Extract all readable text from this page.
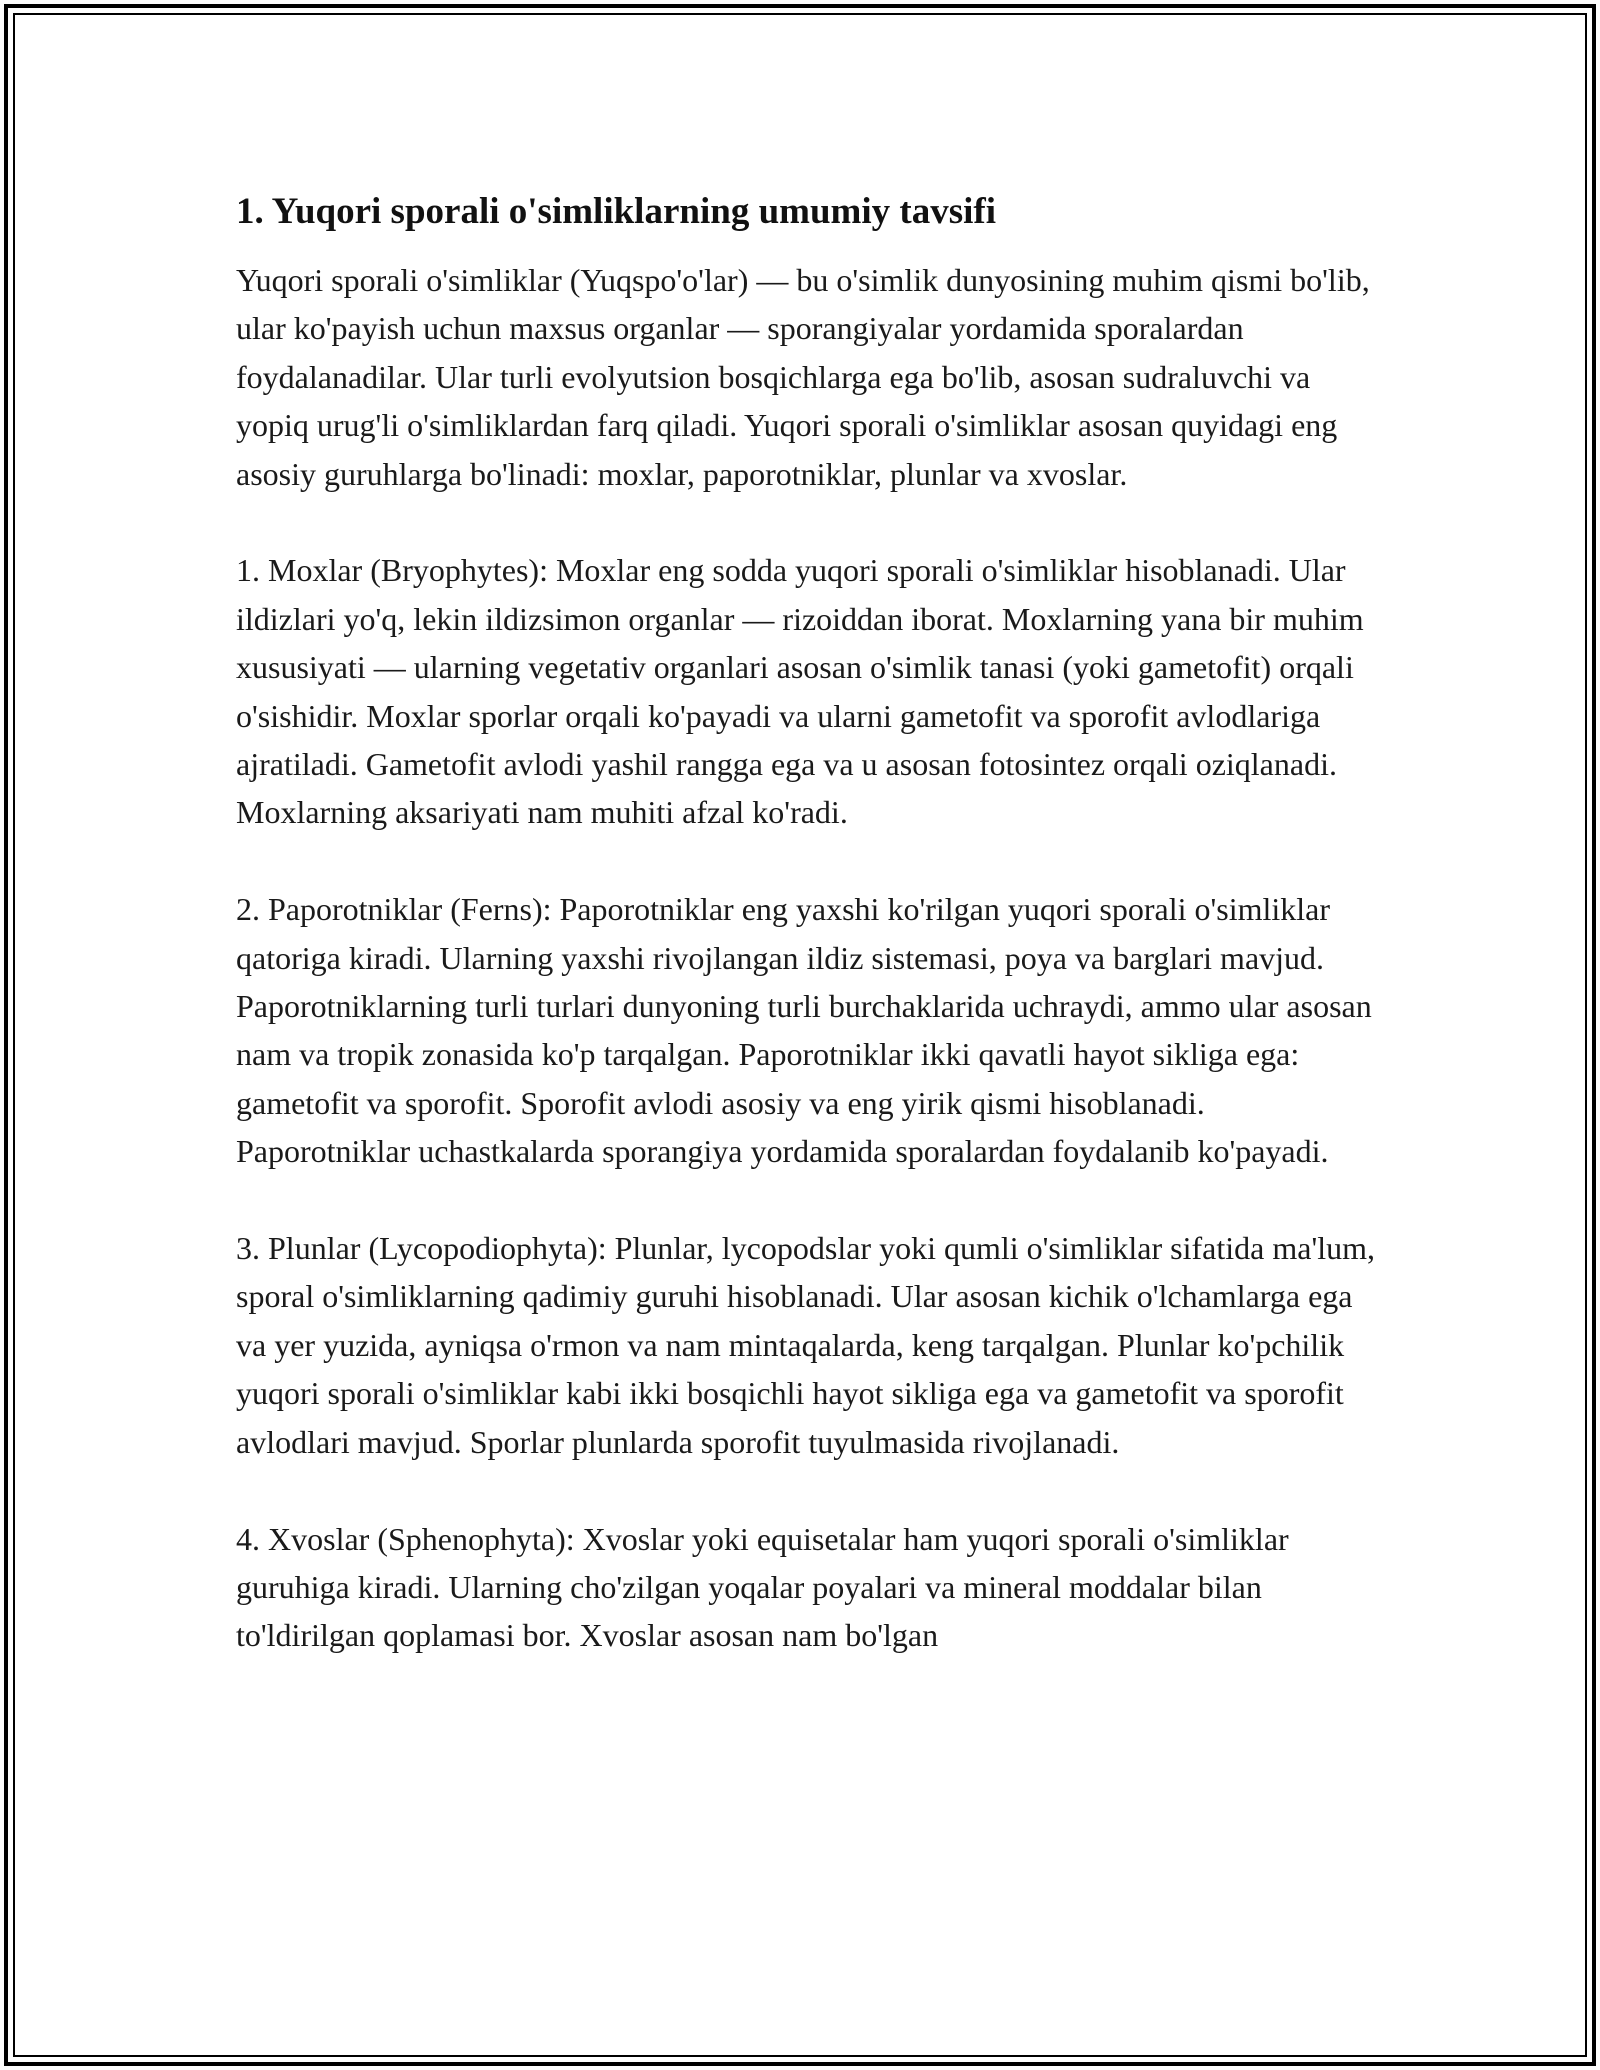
1. Yuqori sporali o'simliklarning umumiy tavsifi

Yuqori sporali o'simliklar (Yuqspo'o'lar) — bu o'simlik dunyosining muhim qismi bo'lib, ular ko'payish uchun maxsus organlar — sporangiyalar yordamida sporalardan foydalanadilar. Ular turli evolyutsion bosqichlarga ega bo'lib, asosan sudraluvchi va yopiq urug'li o'simliklardan farq qiladi. Yuqori sporali o'simliklar asosan quyidagi eng asosiy guruhlarga bo'linadi: moxlar, paporotniklar, plunlar va xvoslar.

1. Moxlar (Bryophytes): Moxlar eng sodda yuqori sporali o'simliklar hisoblanadi. Ular ildizlari yo'q, lekin ildizsimon organlar — rizoiddan iborat. Moxlarning yana bir muhim xususiyati — ularning vegetativ organlari asosan o'simlik tanasi (yoki gametofit) orqali o'sishidir. Moxlar sporlar orqali ko'payadi va ularni gametofit va sporofit avlodlariga ajratiladi. Gametofit avlodi yashil rangga ega va u asosan fotosintez orqali oziqlanadi. Moxlarning aksariyati nam muhiti afzal ko'radi.

2. Paporotniklar (Ferns): Paporotniklar eng yaxshi ko'rilgan yuqori sporali o'simliklar qatoriga kiradi. Ularning yaxshi rivojlangan ildiz sistemasi, poya va barglari mavjud. Paporotniklarning turli turlari dunyoning turli burchaklarida uchraydi, ammo ular asosan nam va tropik zonasida ko'p tarqalgan. Paporotniklar ikki qavatli hayot sikliga ega: gametofit va sporofit. Sporofit avlodi asosiy va eng yirik qismi hisoblanadi. Paporotniklar uchastkalarda sporangiya yordamida sporalardan foydalanib ko'payadi.

3. Plunlar (Lycopodiophyta): Plunlar, lycopodslar yoki qumli o'simliklar sifatida ma'lum, sporal o'simliklarning qadimiy guruhi hisoblanadi. Ular asosan kichik o'lchamlarga ega va yer yuzida, ayniqsa o'rmon va nam mintaqalarda, keng tarqalgan. Plunlar ko'pchilik yuqori sporali o'simliklar kabi ikki bosqichli hayot sikliga ega va gametofit va sporofit avlodlari mavjud. Sporlar plunlarda sporofit tuyulmasida rivojlanadi.

4. Xvoslar (Sphenophyta): Xvoslar yoki equisetalar ham yuqori sporali o'simliklar guruhiga kiradi. Ularning cho'zilgan yoqalar poyalari va mineral moddalar bilan to'ldirilgan qoplamasi bor. Xvoslar asosan nam bo'lgan
